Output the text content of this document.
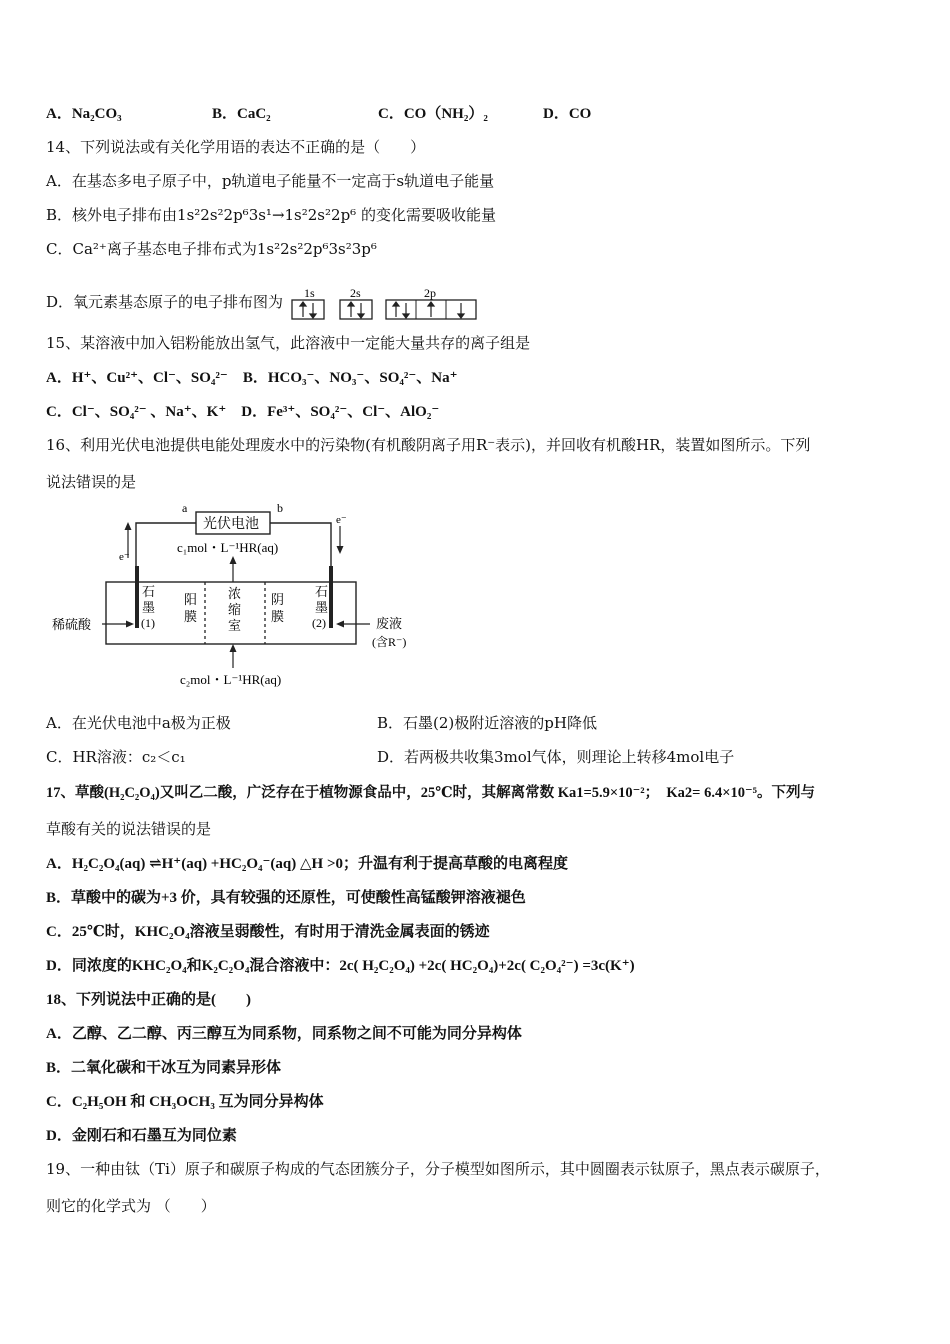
A．Na₂CO₃	B．CaC₂	C．CO（NH₂）₂	D．CO
14、下列说法或有关化学用语的表达不正确的是（　　）
A．在基态多电子原子中，p轨道电子能量不一定高于s轨道电子能量
B．核外电子排布由1s²2s²2p⁶3s¹→1s²2s²2p⁶ 的变化需要吸收能量
C．Ca²⁺离子基态电子排布式为1s²2s²2p⁶3s²3p⁶
D．氧元素基态原子的电子排布图为 1s	2s	2p
15、某溶液中加入铝粉能放出氢气，此溶液中一定能大量共存的离子组是
A．H⁺、Cu²⁺、Cl⁻、SO₄²⁻　B．HCO₃⁻、NO₃⁻、SO₄²⁻、Na⁺
C．Cl⁻、SO₄²⁻ 、Na⁺、K⁺　D．Fe³⁺、SO₄²⁻、Cl⁻、AlO₂⁻
16、利用光伏电池提供电能处理废水中的污染物(有机酸阴离子用R⁻表示)，并回收有机酸HR，装置如图所示。下列
说法错误的是
光伏电池
a	b
e⁻
e⁻
c₁mol・L⁻¹HR(aq)
石
墨
(1)
阳
膜
浓
缩
室
阴
膜
石
墨
(2)
稀硫酸	废液
(含R⁻)
c₂mol・L⁻¹HR(aq)
A．在光伏电池中a极为正极	B．石墨(2)极附近溶液的pH降低
C．HR溶液：c₂＜c₁	D．若两极共收集3mol气体，则理论上转移4mol电子
17、草酸(H₂C₂O₄)又叫乙二酸，广泛存在于植物源食品中，25℃时，其解离常数 Ka1=5.9×10⁻²；　Ka2= 6.4×10⁻⁵。下列与
草酸有关的说法错误的是
A．H₂C₂O₄(aq) ⇌H⁺(aq) +HC₂O₄⁻(aq) △H >0；升温有利于提高草酸的电离程度
B．草酸中的碳为+3 价，具有较强的还原性，可使酸性高锰酸钾溶液褪色
C．25℃时，KHC₂O₄溶液呈弱酸性，有时用于清洗金属表面的锈迹
D．同浓度的KHC₂O₄和K₂C₂O₄混合溶液中：2c( H₂C₂O₄) +2c( HC₂O₄)+2c( C₂O₄²⁻) =3c(K⁺)
18、下列说法中正确的是(　　)
A．乙醇、乙二醇、丙三醇互为同系物，同系物之间不可能为同分异构体
B．二氧化碳和干冰互为同素异形体
C．C₂H₅OH 和 CH₃OCH₃ 互为同分异构体
D．金刚石和石墨互为同位素
19、一种由钛（Ti）原子和碳原子构成的气态团簇分子，分子模型如图所示，其中圆圈表示钛原子，黑点表示碳原子，
则它的化学式为 （　　）
